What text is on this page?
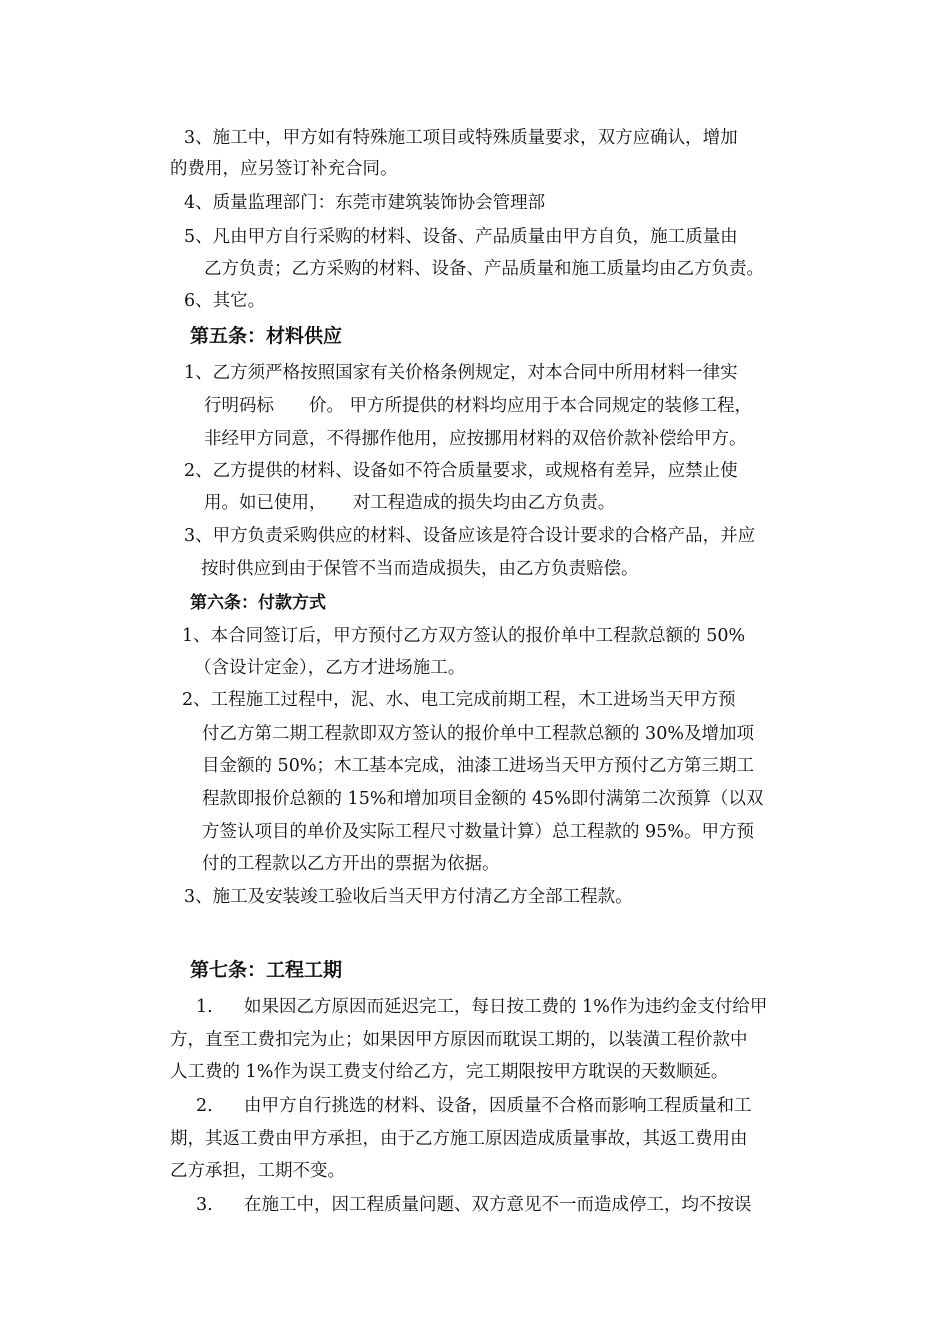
3、施工中，甲方如有特殊施工项目或特殊质量要求，双方应确认，增加
的费用，应另签订补充合同。
4、质量监理部门：东莞市建筑装饰协会管理部
5、凡由甲方自行采购的材料、设备、产品质量由甲方自负，施工质量由
乙方负责；乙方采购的材料、设备、产品质量和施工质量均由乙方负责。
6、其它。
第五条：材料供应
1、乙方须严格按照国家有关价格条例规定，对本合同中所用材料一律实
行明码标　　价。 甲方所提供的材料均应用于本合同规定的装修工程，
非经甲方同意，不得挪作他用，应按挪用材料的双倍价款补偿给甲方。
2、乙方提供的材料、设备如不符合质量要求，或规格有差异，应禁止使
用。如已使用，　　对工程造成的损失均由乙方负责。
3、甲方负责采购供应的材料、设备应该是符合设计要求的合格产品，并应
按时供应到由于保管不当而造成损失，由乙方负责赔偿。
第六条：付款方式
1、本合同签订后，甲方预付乙方双方签认的报价单中工程款总额的 50%
（含设计定金），乙方才进场施工。
2、工程施工过程中，泥、水、电工完成前期工程，木工进场当天甲方预
付乙方第二期工程款即双方签认的报价单中工程款总额的 30%及增加项
目金额的 50%；木工基本完成，油漆工进场当天甲方预付乙方第三期工
程款即报价总额的 15%和增加项目金额的 45%即付满第二次预算（以双
方签认项目的单价及实际工程尺寸数量计算）总工程款的 95%。甲方预
付的工程款以乙方开出的票据为依据。
3、施工及安装竣工验收后当天甲方付清乙方全部工程款。
第七条：工程工期
1. 如果因乙方原因而延迟完工，每日按工费的 1%作为违约金支付给甲
方，直至工费扣完为止；如果因甲方原因而耽误工期的，以装潢工程价款中
人工费的 1%作为误工费支付给乙方，完工期限按甲方耽误的天数顺延。
2. 由甲方自行挑选的材料、设备，因质量不合格而影响工程质量和工
期，其返工费由甲方承担，由于乙方施工原因造成质量事故，其返工费用由
乙方承担，工期不变。
3. 在施工中，因工程质量问题、双方意见不一而造成停工，均不按误
